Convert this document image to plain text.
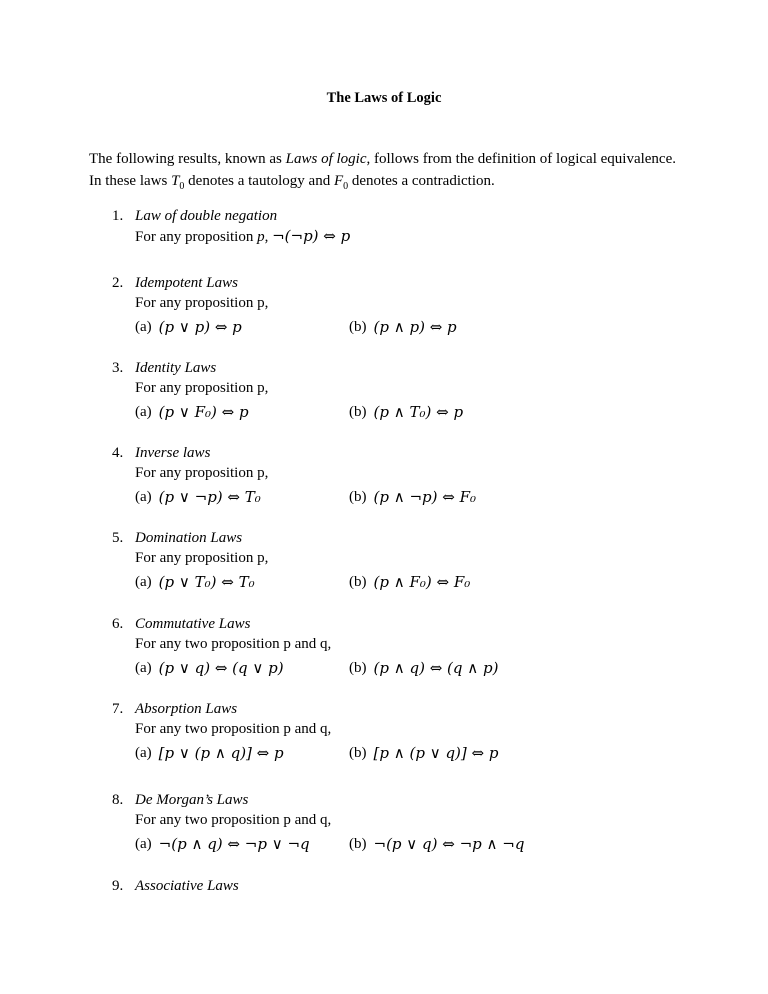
The Laws of Logic
The following results, known as Laws of logic, follows from the definition of logical equivalence.
In these laws $T_0$ denotes a tautology and $F_0$ denotes a contradiction.
1. Law of double negation
For any proposition p, ¬(¬p) ⇔ p
2. Idempotent Laws
For any proposition p,
(a) (p ∨ p) ⇔ p	(b) (p ∧ p) ⇔ p
3. Identity Laws
For any proposition p,
(a) (p ∨ F₀) ⇔ p	(b) (p ∧ T₀) ⇔ p
4. Inverse laws
For any proposition p,
(a) (p ∨ ¬p) ⇔ T₀	(b) (p ∧ ¬p) ⇔ F₀
5. Domination Laws
For any proposition p,
(a) (p ∨ T₀) ⇔ T₀	(b) (p ∧ F₀) ⇔ F₀
6. Commutative Laws
For any two proposition p and q,
(a) (p ∨ q) ⇔ (q ∨ p)	(b) (p ∧ q) ⇔ (q ∧ p)
7. Absorption Laws
For any two proposition p and q,
(a) [p ∨ (p ∧ q)] ⇔ p	(b) [p ∧ (p ∨ q)] ⇔ p
8. De Morgan’s Laws
For any two proposition p and q,
(a) ¬(p ∧ q) ⇔ ¬p ∨ ¬q	(b) ¬(p ∨ q) ⇔ ¬p ∧ ¬q
9. Associative Laws
